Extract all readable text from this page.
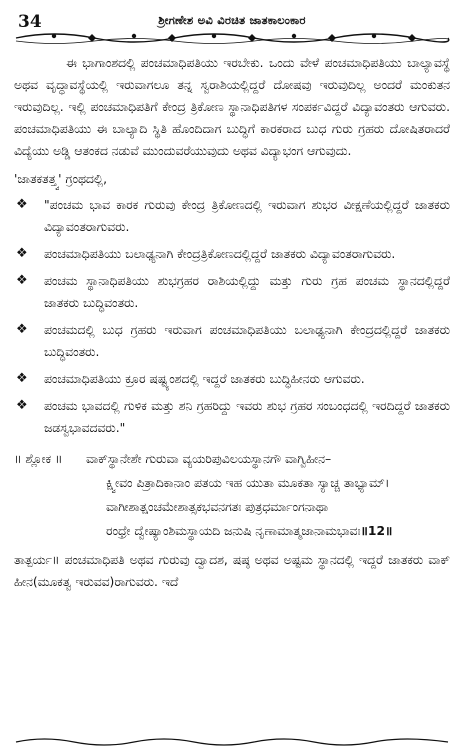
34	ಶ್ರೀಗಣೇಶ ಅವಿ ವಿರಚಿತ ಜಾತಕಾಲಂಕಾರ

ಈ ಭಾಗಾಂಶದಲ್ಲಿ ಪಂಚಮಾಧಿಪತಿಯು ಇರಬೇಕು. ಒಂದು ವೇಳೆ ಪಂಚಮಾಧಿಪತಿಯು ಬಾಲ್ಯಾವಸ್ಥೆ ಅಥವ ವೃದ್ಧಾವಸ್ಥೆಯಲ್ಲಿ ಇರುವಾಗಲೂ ತನ್ನ ಸ್ವರಾಶಿಯಲ್ಲಿದ್ದರೆ ದೋಷವು ಇರುವುದಿಲ್ಲ ಅಂದರೆ ಮಂಕುತನ ಇರುವುದಿಲ್ಲ. ಇಲ್ಲಿ ಪಂಚಮಾಧಿಪತಿಗೆ ಕೇಂದ್ರ ತ್ರಿಕೋಣ ಸ್ಥಾನಾಧಿಪತಿಗಳ ಸಂಪರ್ಕವಿದ್ದರೆ ವಿದ್ಯಾವಂತರು ಆಗುವರು. ಪಂಚಮಾಧಿಪತಿಯು ಈ ಬಾಲ್ಯಾದಿ ಸ್ಥಿತಿ ಹೊಂದಿದಾಗ ಬುದ್ಧಿಗೆ ಕಾರಕರಾದ ಬುಧ ಗುರು ಗ್ರಹರು ದೋಷಿತರಾದರೆ ವಿದ್ಯೆಯು ಅಡ್ಡಿ ಆತಂಕದ ನಡುವೆ ಮುಂದುವರೆಯುವುದು ಅಥವ ವಿದ್ಯಾಭಂಗ ಆಗುವುದು.

'ಜಾತಕತತ್ತ್ವ' ಗ್ರಂಥದಲ್ಲಿ,
❖ "ಪಂಚಮ ಭಾವ ಕಾರಕ ಗುರುವು ಕೇಂದ್ರ ತ್ರಿಕೋಣದಲ್ಲಿ ಇರುವಾಗ ಶುಭರ ವೀಕ್ಷಣೆಯಲ್ಲಿದ್ದರೆ ಜಾತಕರು ವಿದ್ಯಾವಂತರಾಗುವರು.
❖ ಪಂಚಮಾಧಿಪತಿಯು ಬಲಾಢ್ಯನಾಗಿ ಕೇಂದ್ರತ್ರಿಕೋಣದಲ್ಲಿದ್ದರೆ ಜಾತಕರು ವಿದ್ಯಾವಂತರಾಗುವರು.
❖ ಪಂಚಮ ಸ್ಥಾನಾಧಿಪತಿಯು ಶುಭಗ್ರಹರ ರಾಶಿಯಲ್ಲಿದ್ದು ಮತ್ತು ಗುರು ಗ್ರಹ ಪಂಚಮ ಸ್ಥಾನದಲ್ಲಿದ್ದರೆ ಜಾತಕರು ಬುದ್ಧಿವಂತರು.
❖ ಪಂಚಮದಲ್ಲಿ ಬುಧ ಗ್ರಹರು ಇರುವಾಗ ಪಂಚಮಾಧಿಪತಿಯು ಬಲಾಢ್ಯನಾಗಿ ಕೇಂದ್ರದಲ್ಲಿದ್ದರೆ ಜಾತಕರು ಬುದ್ಧಿವಂತರು.
❖ ಪಂಚಮಾಧಿಪತಿಯು ಕ್ರೂರ ಷಷ್ಟ್ಯಂಶದಲ್ಲಿ ಇದ್ದರೆ ಜಾತಕರು ಬುದ್ಧಿಹೀನರು ಆಗುವರು.
❖ ಪಂಚಮ ಭಾವದಲ್ಲಿ ಗುಳಿಕ ಮತ್ತು ಶನಿ ಗ್ರಹರಿದ್ದು ಇವರು ಶುಭ ಗ್ರಹರ ಸಂಬಂಧದಲ್ಲಿ ಇರದಿದ್ದರೆ ಜಾತಕರು ಜಡಸ್ವಭಾವದವರು."
॥ ಶ್ಲೋಕ ॥	ವಾಕ್‌ಸ್ಥಾನೇಶೇ ಗುರುವಾ ವ್ಯಯರಿಪುವಿಲಯಸ್ಥಾನಗೌ ವಾಗ್ವಿಹೀನ–
ಕ್ಷ್ವೀವಂ ಪಿತ್ರಾದಿಕಾನಾಂ ಪತಯ ಇಹ ಯುತಾ ಮೂಕತಾ ಸ್ಯಾಚ್ಚ ತಾಭ್ಯಾಮ್‌।
ವಾಗೀಶಾತ್ಷಂಚಮೇಶಾತ್ಸಕಭವನಗತಃ ಪುತ್ರಧರ್ಮಾಂಗನಾಥಾ
ರಂಧ್ರೇ ದ್ವೇಷ್ಯಾಂಶಿಮಸ್ಥಾಯದಿ ಜನುಷಿ ನೃಣಾಮಾತ್ಮಜಾನಾಮಭಾವಃ॥12॥
ತಾತ್ಪರ್ಯ॥ ಪಂಚಮಾಧಿಪತಿ ಅಥವ ಗುರುವು ದ್ವಾದಶ, ಷಷ್ಠ ಅಥವ ಅಷ್ಟಮ ಸ್ಥಾನದಲ್ಲಿ ಇದ್ದರೆ ಜಾತಕರು ವಾಕ್ ಹೀನ(ಮೂಕತ್ವ ಇರುವವ)ರಾಗುವರು. ಇದೆ
